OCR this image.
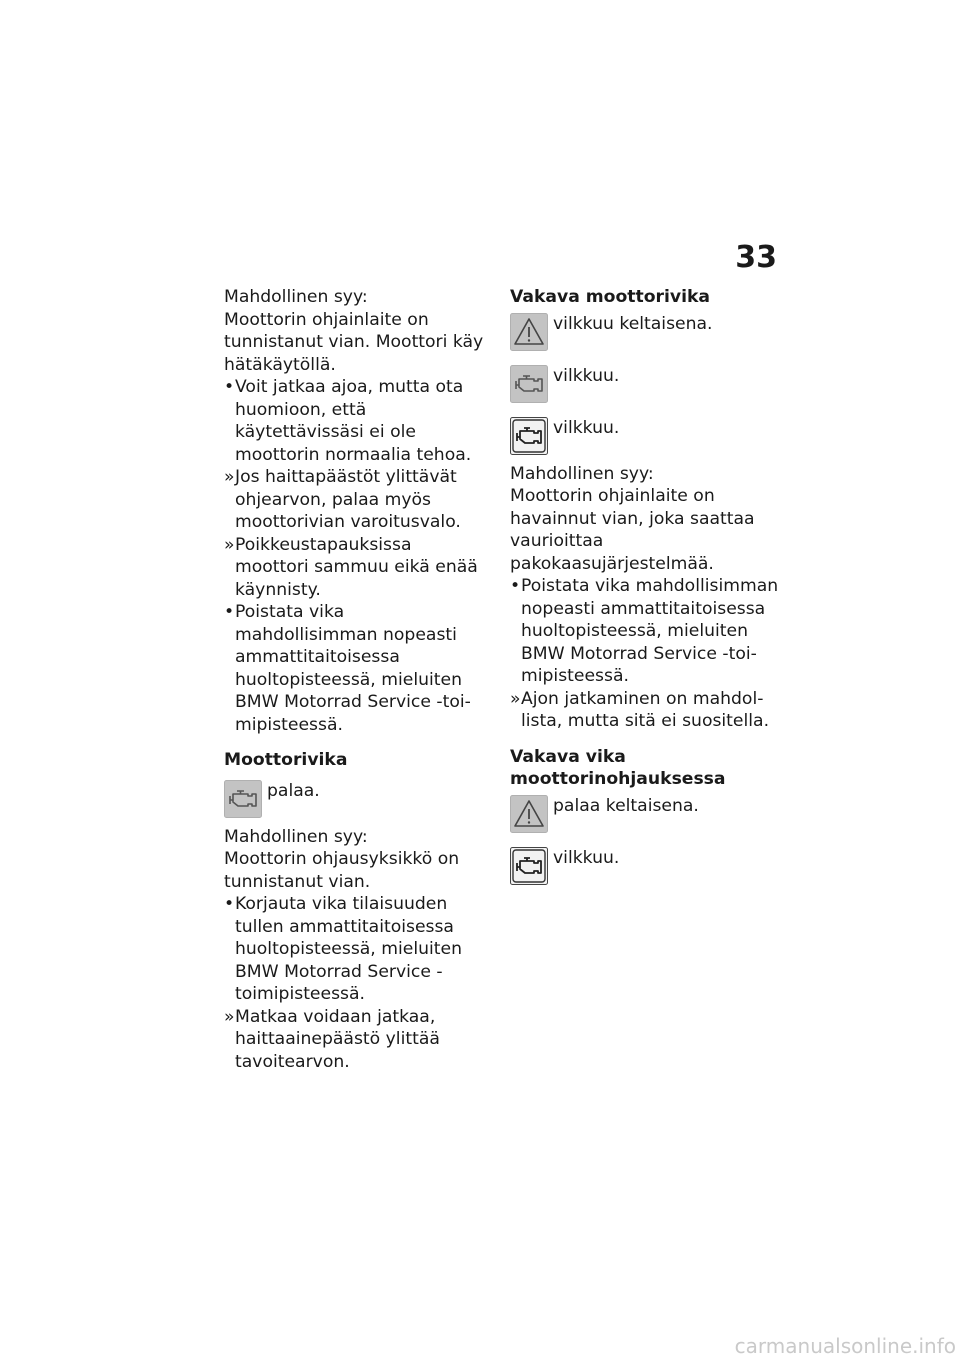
33

Mahdollinen syy:

Moottorin ohjainlaite on tunnistanut vian. Moottori käy hätäkäytöllä.

• Voit jatkaa ajoa, mutta ota huomioon, että käytettävissäsi ei ole moottorin normaalia tehoa.
» Jos haittapäästöt ylittävät ohjearvon, palaa myös moottorivian varoitusvalo.
» Poikkeustapauksissa moottori sammuu eikä enää käynnisty.
• Poistata vika mahdollisimman nopeasti ammattitaitoisessa huoltopisteessä, mieluiten BMW Motorrad Service -toimipisteessä.

Moottorivika

palaa.

Mahdollinen syy:

Moottorin ohjausyksikkö on tunnistanut vian.

• Korjauta vika tilaisuuden tullen ammattitaitoisessa huoltopisteessä, mieluiten BMW Motorrad Service -toimipisteessä.
» Matkaa voidaan jatkaa, haittaainepäästö ylittää tavoitearvon.

Vakava moottorivika

vilkkuu keltaisena.
vilkkuu.
vilkkuu.

Mahdollinen syy:

Moottorin ohjainlaite on havainnut vian, joka saattaa vaurioittaa pakokaasujärjestelmää.

• Poistata vika mahdollisimman nopeasti ammattitaitoisessa huoltopisteessä, mieluiten BMW Motorrad Service -toimipisteessä.
» Ajon jatkaminen on mahdollista, mutta sitä ei suositella.

Vakava vika moottorinohjauksessa

palaa keltaisena.
vilkkuu.
carmanualsonline.info
